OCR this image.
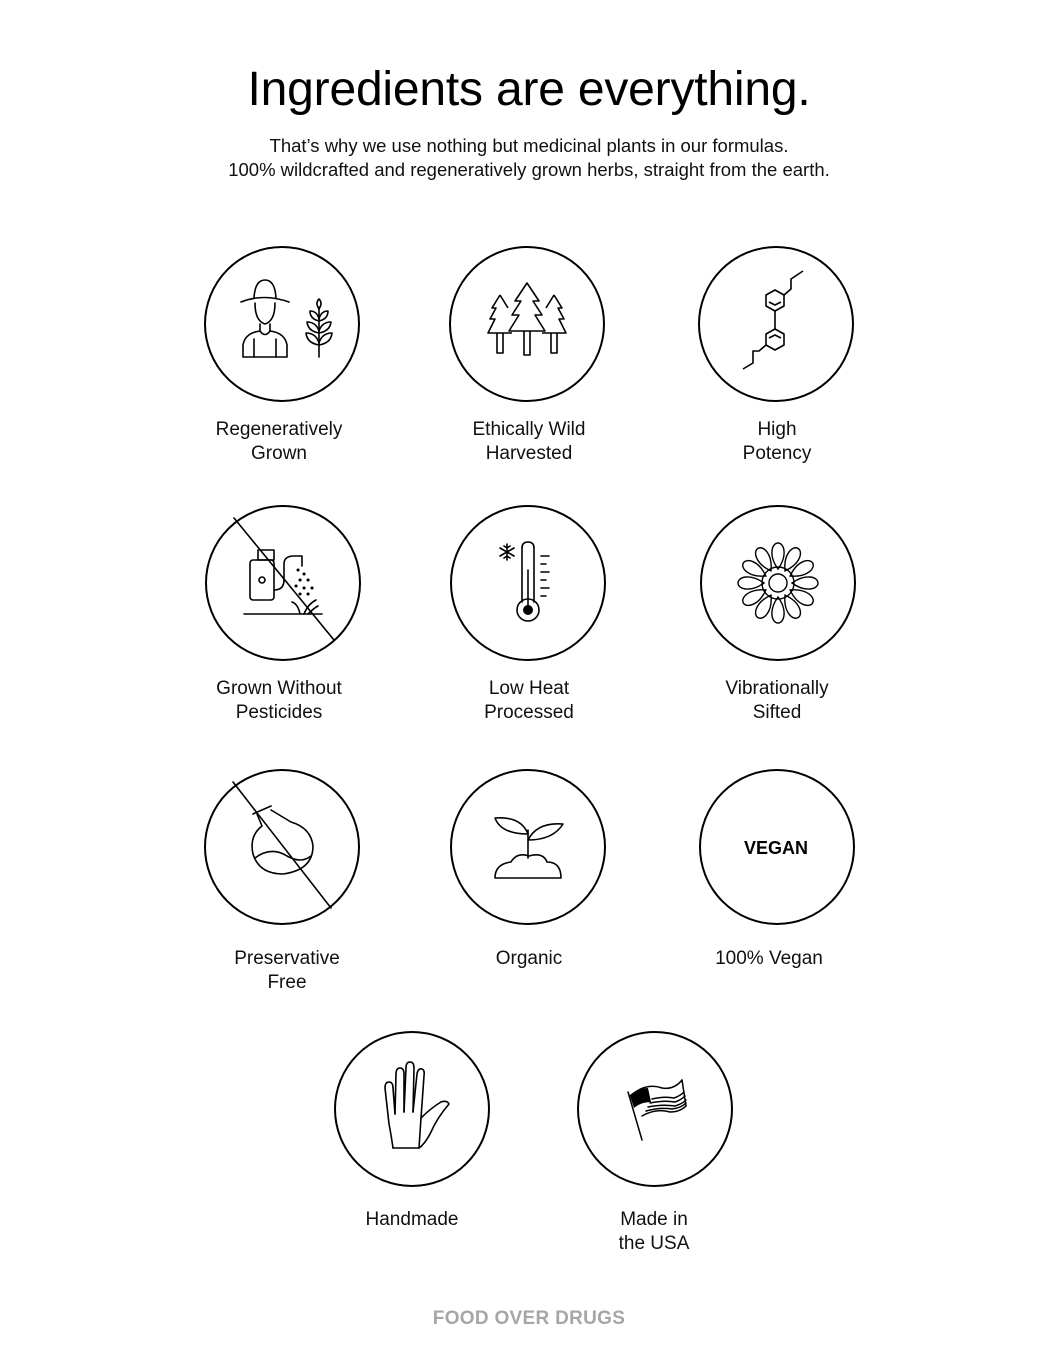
Ingredients are everything.
That’s why we use nothing but medicinal plants in our formulas.
100% wildcrafted and regeneratively grown herbs, straight from the earth.
Regeneratively
Grown
Ethically Wild
Harvested
High
Potency
Grown Without
Pesticides
Low Heat
Processed
Vibrationally
Sifted
Preservative
Free
Organic
VEGAN
100% Vegan
Handmade	Made in
the USA
FOOD OVER DRUGS
